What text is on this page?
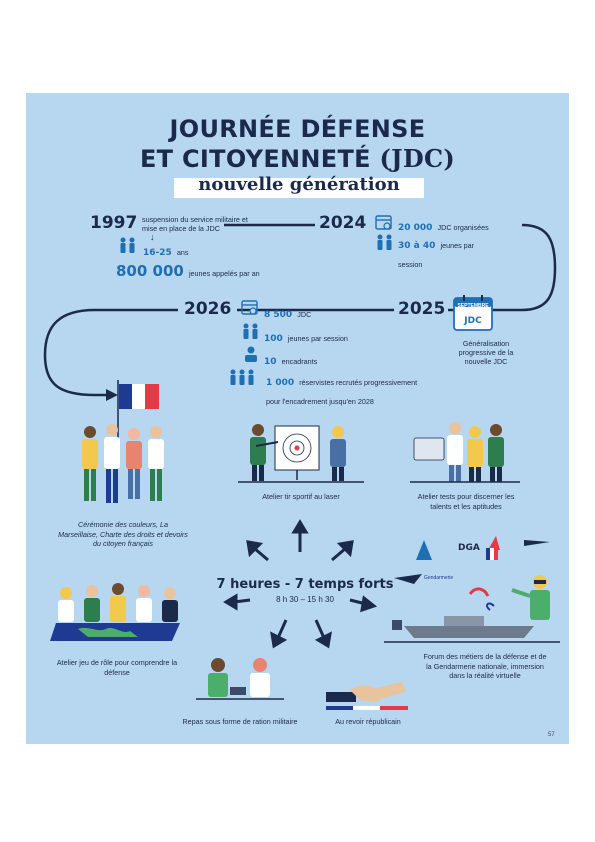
JOURNÉE DÉFENSE
ET CITOYENNETÉ (JDC)
nouvelle génération
1997 suspension du service militaire et mise en place de la JDC
↓
16-25 ans
800 000 jeunes appelés par an
2024	20 000 JDC organisées
30 à 40 jeunes par session
SEPTEMBRE
JDC
2025
Généralisation progressive de la nouvelle JDC
2026	8 500 JDC
100 jeunes par session
10 encadrants
1 000 réservistes recrutés progressivement pour l'encadrement jusqu'en 2028
Cérémonie des couleurs, La Marseillaise, Charte des droits et devoirs du citoyen français
Atelier tir sportif au laser	Atelier tests pour discerner les talents et les aptitudes
7 heures - 7 temps forts
8 h 30 – 15 h 30
Atelier jeu de rôle pour comprendre la défense
DGA
Gendarmerie
Forum des métiers de la défense et de la Gendarmerie nationale, immersion dans la réalité virtuelle
Repas sous forme de ration militaire	Au revoir républicain
57
